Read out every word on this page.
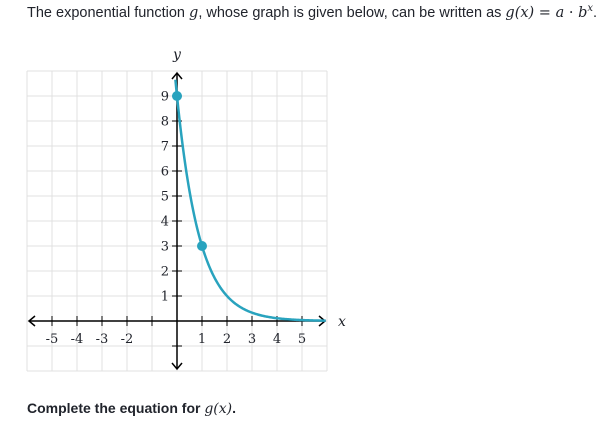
The exponential function g, whose graph is given below, can be written as $g(x) = a \cdot b^x$.

-5 -4 -3 -2	1 2 3 4 5
1
2
3
4
5
6
7
8
9
x
y

Complete the equation for g(x).
